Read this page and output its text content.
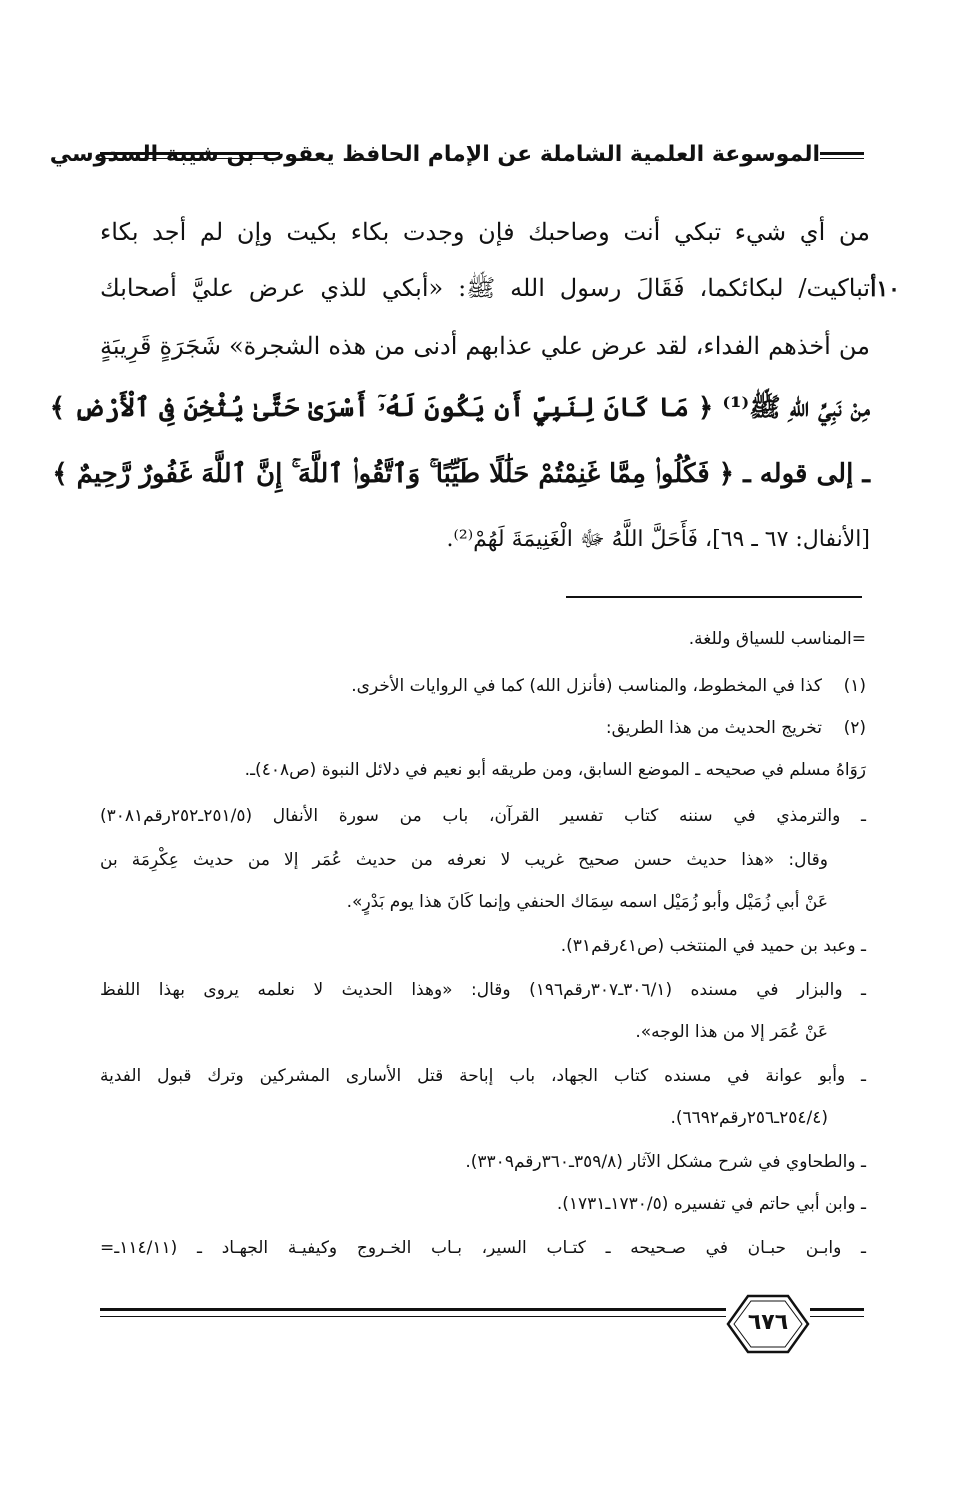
الموسوعة العلمية الشاملة عن الإمام الحافظ يعقوب بن شيبة السدوسي
من أي شيء تبكي أنت وصاحبك فإن وجدت بكاء بكيت وإن لم أجد بكاء
١٠أ
تباكيت/ لبكائكما، فَقَالَ رسول الله ﷺ: «أبكي للذي عرض عليَّ أصحابك
من أخذهم الفداء، لقد عرض علي عذابهم أدنى من هذه الشجرة» شَجَرَةٍ قَرِيبَةٍ
مِنْ نَبِيِّ اللهِ ﷺ⁽¹⁾ ﴿ مَا كَانَ لِنَبِيٍّ أَن يَكُونَ لَهُۥٓ أَسْرَىٰ حَتَّىٰ يُثْخِنَ فِى ٱلْأَرْضِ ﴾
ـ إلى قوله ـ ﴿ فَكُلُوا۟ مِمَّا غَنِمْتُمْ حَلَٰلًا طَيِّبًا ۚ وَٱتَّقُوا۟ ٱللَّهَ ۚ إِنَّ ٱللَّهَ غَفُورٌ رَّحِيمٌ ﴾
[الأنفال: ٦٧ ـ ٦٩]، فَأَحَلَّ اللَّهُ ﷻ الْغَنِيمَةَ لَهُمْ⁽²⁾.
=المناسب للسياق وللغة.
(١)
كذا في المخطوط، والمناسب (فأنزل الله) كما في الروايات الأخرى.
(٢)
تخريج الحديث من هذا الطريق:
رَوَاهُ مسلم في صحيحه ـ الموضع السابق، ومن طريقه أبو نعيم في دلائل النبوة (ص٤٠٨)ـ.
ـ والترمذي في سننه كتاب تفسير القرآن، باب من سورة الأنفال (٢٥١/٥ـ٢٥٢رقم٣٠٨١)
وقال: «هذا حديث حسن صحيح غريب لا نعرفه من حديث عُمَر إلا من حديث عِكْرِمَة بن
عَنْ أبي زُمَيْل وأبو زُمَيْل اسمه سِمَاك الحنفي وإنما كَانَ هذا يوم بَدْرٍ».
ـ وعبد بن حميد في المنتخب (ص٤١رقم٣١).
ـ والبزار في مسنده (٣٠٦/١ـ٣٠٧رقم١٩٦) وقال: «وهذا الحديث لا نعلمه يروى بهذا اللفظ
عَنْ عُمَر إلا من هذا الوجه».
ـ وأبو عوانة في مسنده كتاب الجهاد، باب إباحة قتل الأسارى المشركين وترك قبول الفدية
(٢٥٤/٤ـ٢٥٦رقم٦٦٩٢).
ـ والطحاوي في شرح مشكل الآثار (٣٥٩/٨ـ٣٦٠رقم٣٣٠٩).
ـ وابن أبي حاتم في تفسيره (١٧٣٠/٥ـ١٧٣١).
ـ وابـن حبـان في صـحيحه ـ كتـاب السير، بـاب الخـروج وكيفيـة الجهـاد ـ (١١٤/١١ـ=
٦٧٦
